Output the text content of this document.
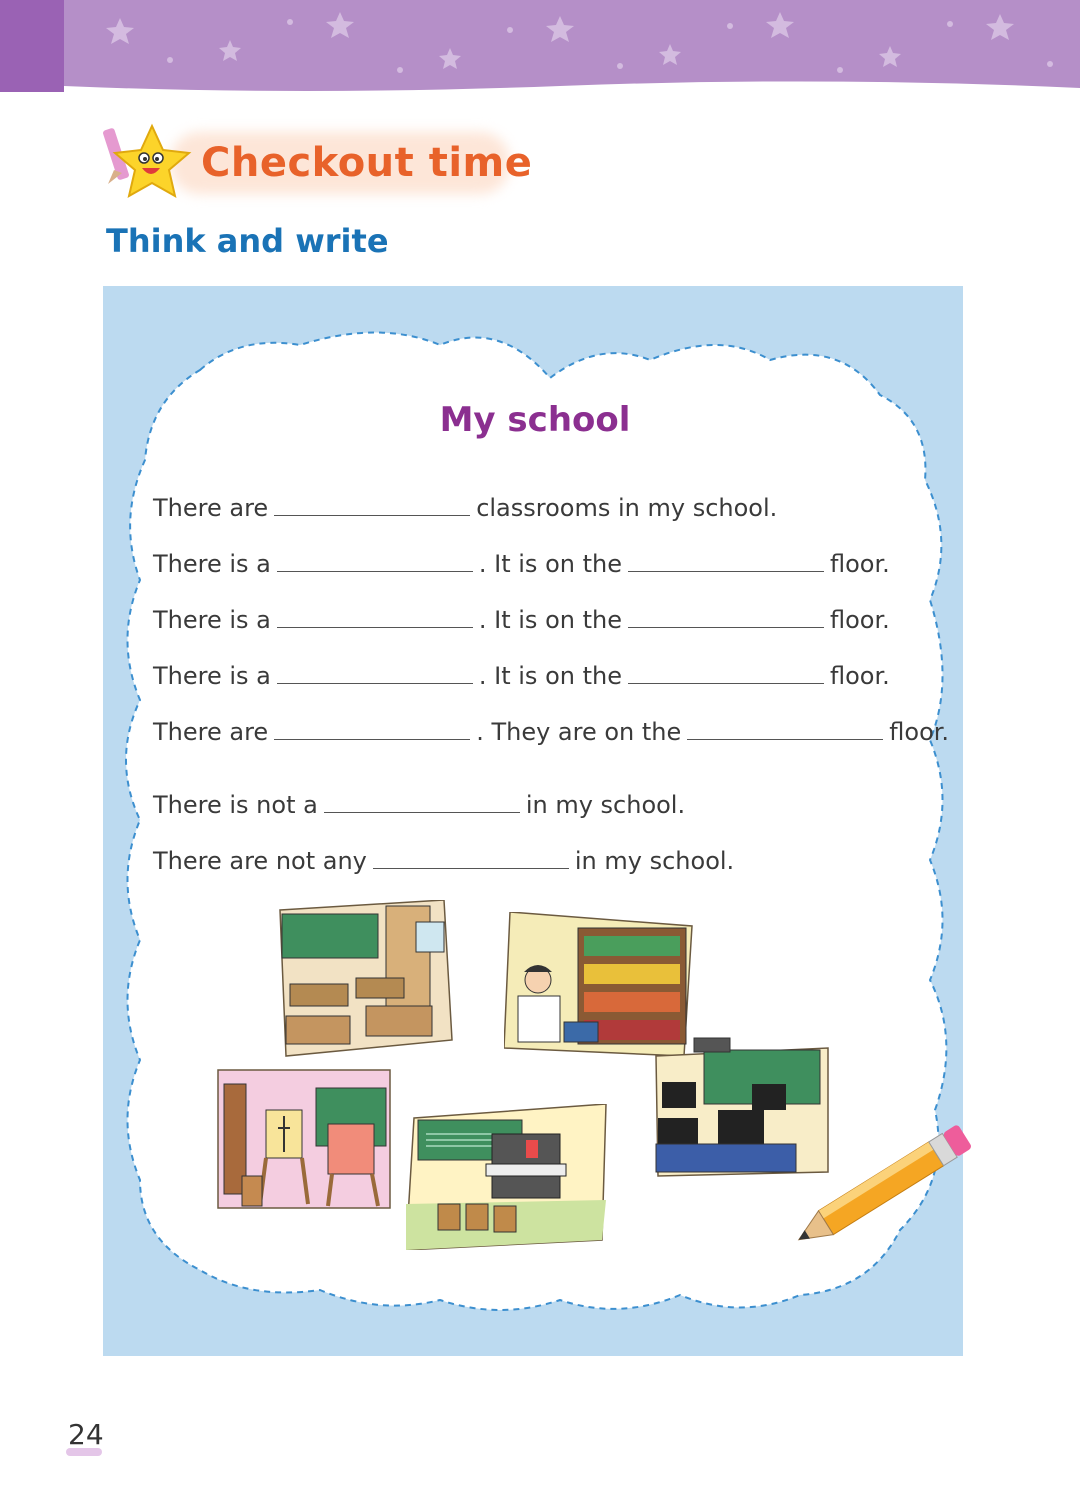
Checkout time
Think and write
My school
There are	classrooms in my school.
There is a	. It is on the	floor.
There is a	. It is on the	floor.
There is a	. It is on the	floor.
There are	. They are on the	floor.
There is not a	in my school.
There are not any	in my school.
24
